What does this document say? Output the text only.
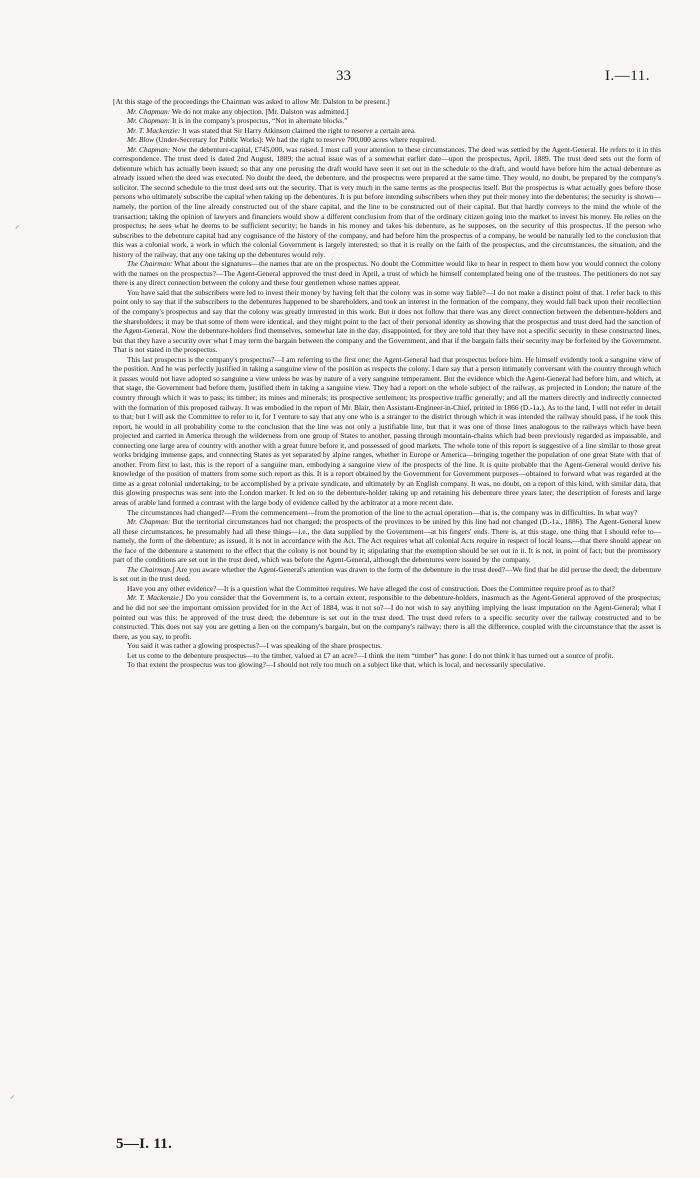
33	I.—11.

[At this stage of the proceedings the Chairman was asked to allow Mr. Dalston to be present.]

Mr. Chapman: We do not make any objection. [Mr. Dalston was admitted.]

Mr. Chapman: It is in the company's prospectus, “Not in alternate blocks.”

Mr. T. Mackenzie: It was stated that Sir Harry Atkinson claimed the right to reserve a certain area.

Mr. Blow (Under-Secretary for Public Works): We had the right to reserve 700,000 acres where required.

Mr. Chapman: Now the debenture-capital, £745,000, was raised. I must call your attention to these circumstances. The deed was settled by the Agent-General. He refers to it in this correspondence. The trust deed is dated 2nd August, 1889; the actual issue was of a somewhat earlier date—upon the prospectus, April, 1889. The trust deed sets out the form of debenture which has actually been issued; so that any one perusing the draft would have seen it set out in the schedule to the draft, and would have before him the actual debenture as already issued when the deed was executed. No doubt the deed, the debenture, and the prospectus were prepared at the same time. They would, no doubt, be prepared by the company's solicitor. The second schedule to the trust deed sets out the security. That is very much in the same terms as the prospectus itself. But the prospectus is what actually goes before those persons who ultimately subscribe the capital when taking up the debentures. It is put before intending subscribers when they put their money into the debentures; the security is shown—namely, the portion of the line already constructed out of the share capital, and the line to be constructed out of their capital. But that hardly conveys to the mind the whole of the transaction; taking the opinion of lawyers and financiers would show a different conclusion from that of the ordinary citizen going into the market to invest his money. He relies on the prospectus; he sees what he deems to be sufficient security; he hands in his money and takes his debenture, as he supposes, on the security of this prospectus. If the person who subscribes to the debenture capital had any cognisance of the history of the company, and had before him the prospectus of a company, he would be naturally led to the conclusion that this was a colonial work, a work in which the colonial Government is largely interested; so that it is really on the faith of the prospectus, and the circumstances, the situation, and the history of the railway, that any one taking up the debentures would rely.

The Chairman: What about the signatures—the names that are on the prospectus. No doubt the Committee would like to hear in respect to them how you would connect the colony with the names on the prospectus?—The Agent-General approved the trust deed in April, a trust of which he himself contemplated being one of the trustees. The petitioners do not say there is any direct connection between the colony and these four gentlemen whose names appear.

You have said that the subscribers were led to invest their money by having felt that the colony was in some way liable?—I do not make a distinct point of that. I refer back to this point only to say that if the subscribers to the debentures happened to be shareholders, and took an interest in the formation of the company, they would fall back upon their recollection of the company's prospectus and say that the colony was greatly interested in this work. But it does not follow that there was any direct connection between the debenture-holders and the shareholders; it may be that some of them were identical, and they might point to the fact of their personal identity as showing that the prospectus and trust deed had the sanction of the Agent-General. Now the debenture-holders find themselves, somewhat late in the day, disappointed, for they are told that they have not a specific security in these constructed lines, but that they have a security over what I may term the bargain between the company and the Government, and that if the bargain fails their security may be forfeited by the Government. That is not stated in the prospectus.

This last prospectus is the company's prospectus?—I am referring to the first one: the Agent-General had that prospectus before him. He himself evidently took a sanguine view of the position. And he was perfectly justified in taking a sanguine view of the position as respects the colony. I dare say that a person intimately conversant with the country through which it passes would not have adopted so sanguine a view unless he was by nature of a very sanguine temperament. But the evidence which the Agent-General had before him, and which, at that stage, the Government had before them, justified them in taking a sanguine view. They had a report on the whole subject of the railway, as projected in London; the nature of the country through which it was to pass; its timber; its mines and minerals; its prospective settlement; its prospective traffic generally; and all the matters directly and indirectly connected with the formation of this proposed railway. It was embodied in the report of Mr. Blair, then Assistant-Engineer-in-Chief, printed in 1866 (D.-1a.). As to the land, I will not refer in detail to that; but I will ask the Committee to refer to it, for I venture to say that any one who is a stranger to the district through which it was intended the railway should pass, if he took this report, he would in all probability come to the conclusion that the line was not only a justifiable line, but that it was one of those lines analogous to the railways which have been projected and carried in America through the wilderness from one group of States to another, passing through mountain-chains which had been previously regarded as impassable, and connecting one large area of country with another with a great future before it, and possessed of good markets. The whole tone of this report is suggestive of a line similar to those great works bridging immense gaps, and connecting States as yet separated by alpine ranges, whether in Europe or America—bringing together the population of one great State with that of another. From first to last, this is the report of a sanguine man, embodying a sanguine view of the prospects of the line. It is quite probable that the Agent-General would derive his knowledge of the position of matters from some such report as this. It is a report obtained by the Government for Government purposes—obtained to forward what was regarded at the time as a great colonial undertaking, to be accomplished by a private syndicate, and ultimately by an English company. It was, no doubt, on a report of this kind, with similar data, that this glowing prospectus was sent into the London market. It led on to the debenture-holder taking up and retaining his debenture three years later; the description of forests and large areas of arable land formed a contrast with the large body of evidence called by the arbitrator at a more recent date.

The circumstances had changed?—From the commencement—from the promotion of the line to the actual operation—that is, the company was in difficulties. In what way?

Mr. Chapman: But the territorial circumstances had not changed; the prospects of the provinces to be united by this line had not changed (D.-1a., 1886). The Agent-General knew all these circumstances, he presumably had all these things—i.e., the data supplied by the Government—at his fingers' ends. There is, at this stage, one thing that I should refer to—namely, the form of the debenture; as issued, it is not in accordance with the Act. The Act requires what all colonial Acts require in respect of local loans,—that there should appear on the face of the debenture a statement to the effect that the colony is not bound by it; stipulating that the exemption should be set out in it. It is not, in point of fact; but the promissory part of the conditions are set out in the trust deed, which was before the Agent-General, although the debentures were issued by the company.

The Chairman.] Are you aware whether the Agent-General's attention was drawn to the form of the debenture in the trust deed?—We find that he did peruse the deed; the debenture is set out in the trust deed.

Have you any other evidence?—It is a question what the Committee requires. We have alleged the cost of construction. Does the Committee require proof as to that?

Mr. T. Mackenzie.] Do you consider that the Government is, to a certain extent, responsible to the debenture-holders, inasmuch as the Agent-General approved of the prospectus; and he did not see the important omission provided for in the Act of 1884, was it not so?—I do not wish to say anything implying the least imputation on the Agent-General; what I pointed out was this: he approved of the trust deed; the debenture is set out in the trust deed. The trust deed refers to a specific security over the railway constructed and to be constructed. This does not say you are getting a lien on the company's bargain, but on the company's railway; there is all the difference, coupled with the circumstance that the asset is there, as you say, to profit.

You said it was rather a glowing prospectus?—I was speaking of the share prospectus.

Let us come to the debenture prospectus—to the timber, valued at £7 an acre?—I think the item “timber” has gone: I do not think it has turned out a source of profit.

To that extent the prospectus was too glowing?—I should not rely too much on a subject like that, which is local, and necessarily speculative.

5—I. 11.
⸝
⸝
